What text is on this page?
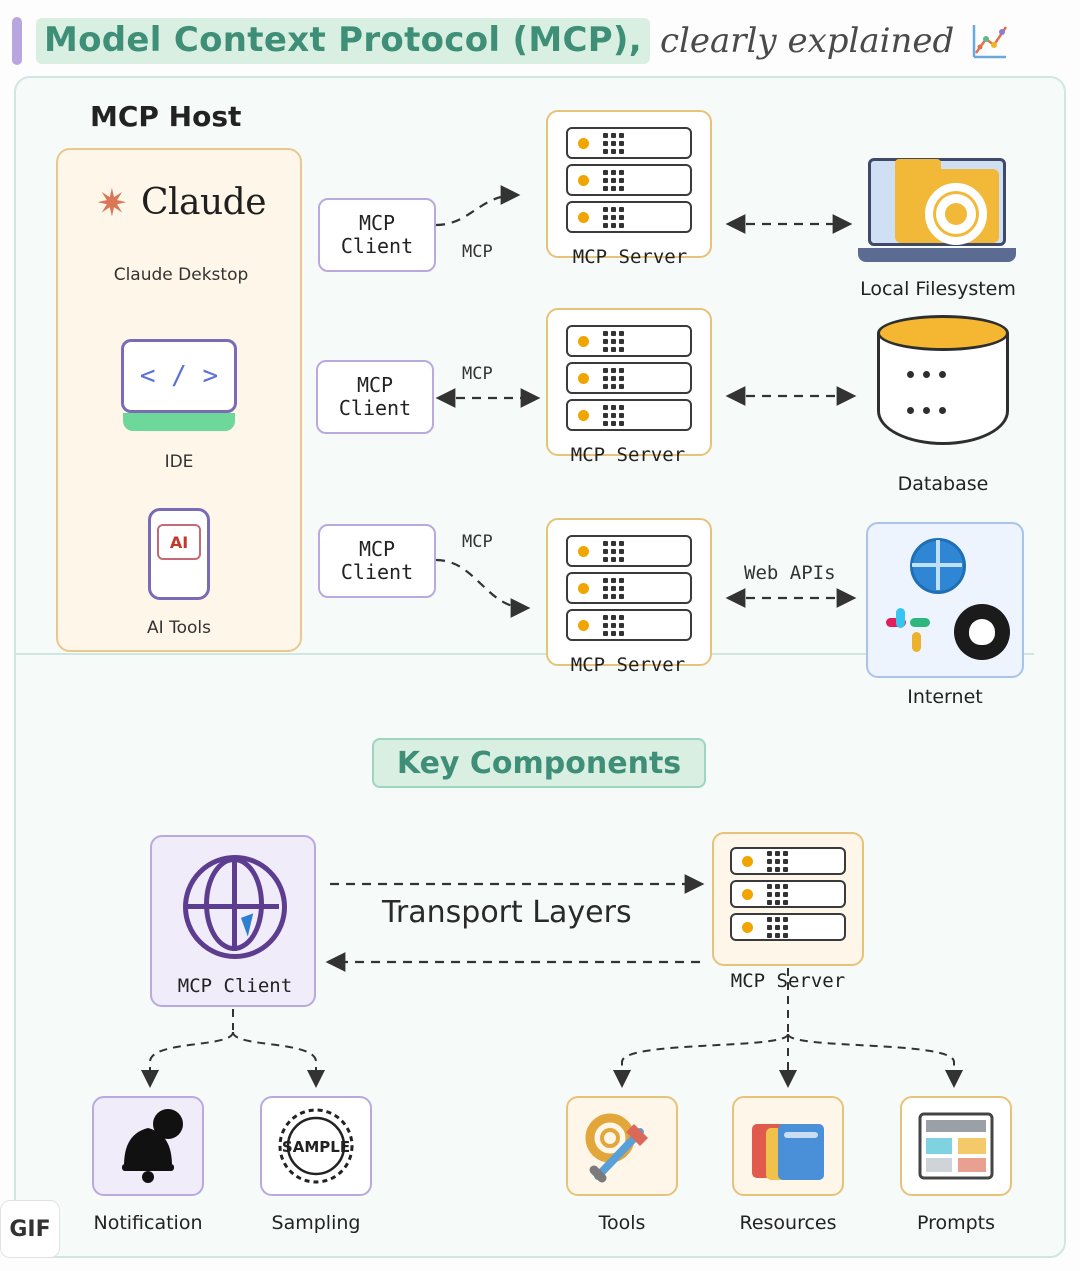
Model Context Protocol (MCP), clearly explained
MCP Host
✷ Claude
Claude Dekstop
< / >
IDE
AI
AI Tools
MCP
Client
MCP
Client
MCP
Client
MCP
MCP
MCP
Web APIs
MCP Server
MCP Server
MCP Server
Local Filesystem
Database
Internet
Key Components
MCP Client	MCP Server
Transport Layers
Notification
SAMPLE
Sampling	Tools	Resources	Prompts
GIF
